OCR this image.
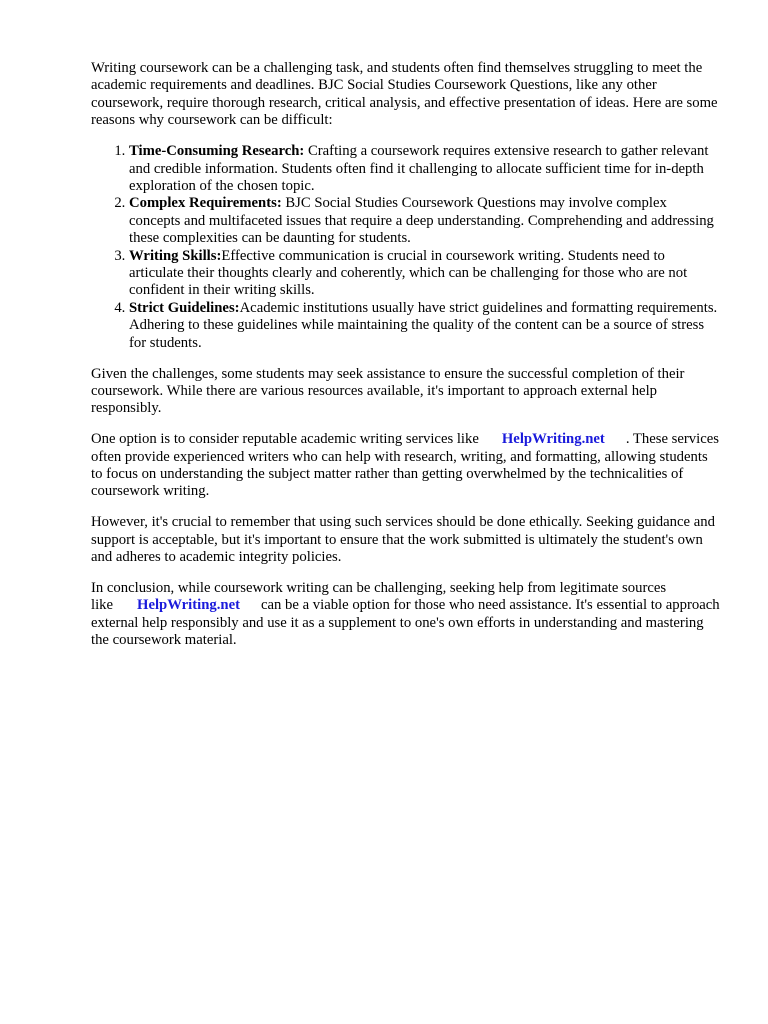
Writing coursework can be a challenging task, and students often find themselves struggling to meet the academic requirements and deadlines. BJC Social Studies Coursework Questions, like any other coursework, require thorough research, critical analysis, and effective presentation of ideas. Here are some reasons why coursework can be difficult:

1. Time-Consuming Research: Crafting a coursework requires extensive research to gather relevant and credible information. Students often find it challenging to allocate sufficient time for in-depth exploration of the chosen topic.
2. Complex Requirements: BJC Social Studies Coursework Questions may involve complex concepts and multifaceted issues that require a deep understanding. Comprehending and addressing these complexities can be daunting for students.
3. Writing Skills:Effective communication is crucial in coursework writing. Students need to articulate their thoughts clearly and coherently, which can be challenging for those who are not confident in their writing skills.
4. Strict Guidelines:Academic institutions usually have strict guidelines and formatting requirements. Adhering to these guidelines while maintaining the quality of the content can be a source of stress for students.

Given the challenges, some students may seek assistance to ensure the successful completion of their coursework. While there are various resources available, it's important to approach external help responsibly.

One option is to consider reputable academic writing services like HelpWriting.net . These services often provide experienced writers who can help with research, writing, and formatting, allowing students to focus on understanding the subject matter rather than getting overwhelmed by the technicalities of coursework writing.

However, it's crucial to remember that using such services should be done ethically. Seeking guidance and support is acceptable, but it's important to ensure that the work submitted is ultimately the student's own and adheres to academic integrity policies.

In conclusion, while coursework writing can be challenging, seeking help from legitimate sources like HelpWriting.net can be a viable option for those who need assistance. It's essential to approach external help responsibly and use it as a supplement to one's own efforts in understanding and mastering the coursework material.
